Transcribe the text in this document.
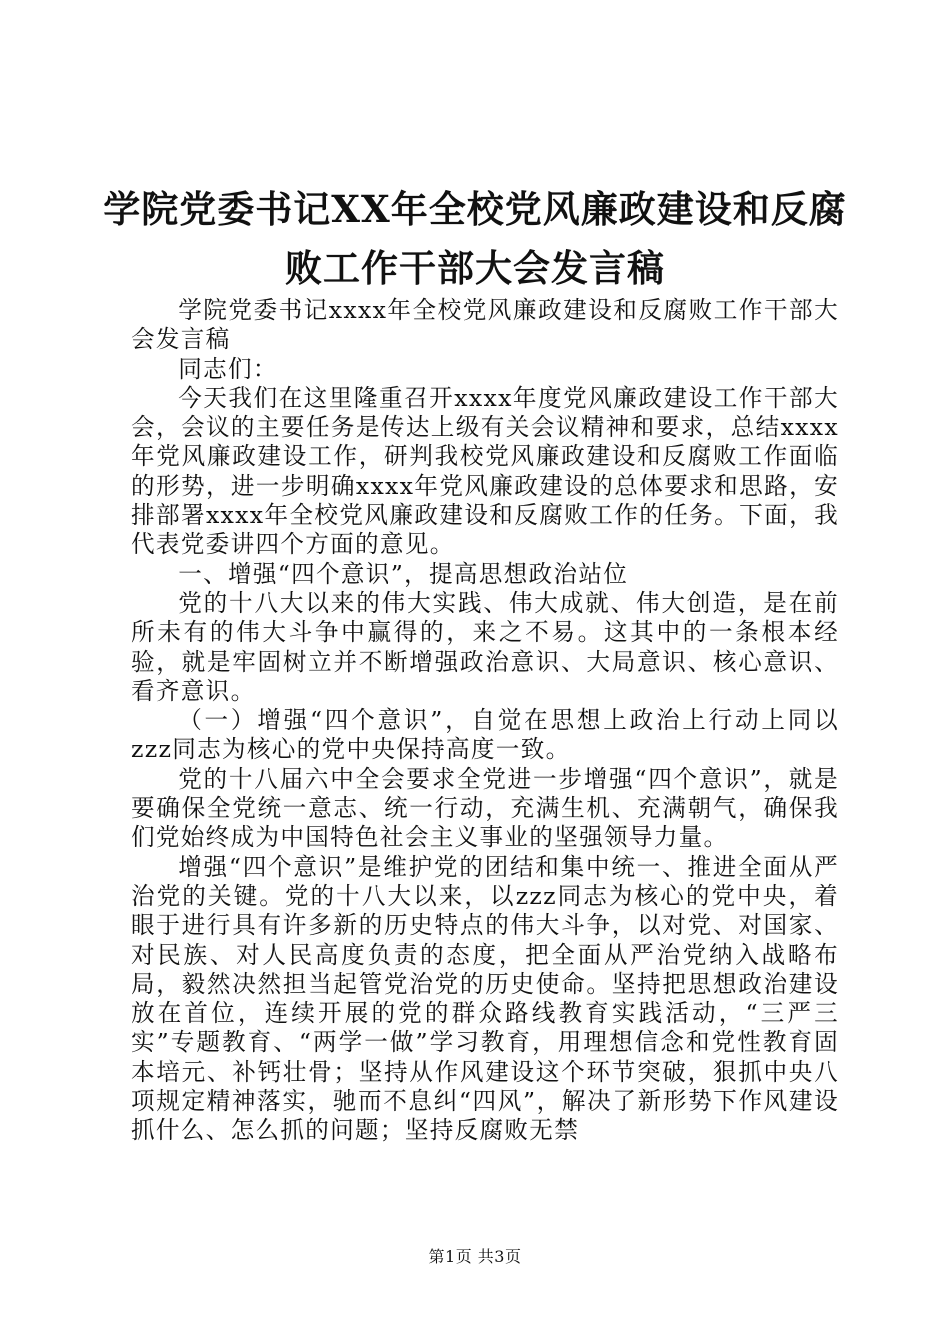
学院党委书记XX年全校党风廉政建设和反腐
败工作干部大会发言稿

学院党委书记xxxx年全校党风廉政建设和反腐败工作干部大会发言稿

同志们：

今天我们在这里隆重召开xxxx年度党风廉政建设工作干部大会，会议的主要任务是传达上级有关会议精神和要求，总结xxxx年党风廉政建设工作，研判我校党风廉政建设和反腐败工作面临的形势，进一步明确xxxx年党风廉政建设的总体要求和思路，安排部署xxxx年全校党风廉政建设和反腐败工作的任务。下面，我代表党委讲四个方面的意见。

一、增强“四个意识”，提高思想政治站位

党的十八大以来的伟大实践、伟大成就、伟大创造，是在前所未有的伟大斗争中赢得的，来之不易。这其中的一条根本经验，就是牢固树立并不断增强政治意识、大局意识、核心意识、看齐意识。

（一）增强“四个意识”，自觉在思想上政治上行动上同以zzz同志为核心的党中央保持高度一致。

党的十八届六中全会要求全党进一步增强“四个意识”，就是要确保全党统一意志、统一行动，充满生机、充满朝气，确保我们党始终成为中国特色社会主义事业的坚强领导力量。

增强“四个意识”是维护党的团结和集中统一、推进全面从严治党的关键。党的十八大以来，以zzz同志为核心的党中央，着眼于进行具有许多新的历史特点的伟大斗争，以对党、对国家、对民族、对人民高度负责的态度，把全面从严治党纳入战略布局，毅然决然担当起管党治党的历史使命。坚持把思想政治建设放在首位，连续开展的党的群众路线教育实践活动，“三严三实”专题教育、“两学一做”学习教育，用理想信念和党性教育固本培元、补钙壮骨；坚持从作风建设这个环节突破，狠抓中央八项规定精神落实，驰而不息纠“四风”，解决了新形势下作风建设抓什么、怎么抓的问题；坚持反腐败无禁

第1页 共3页
